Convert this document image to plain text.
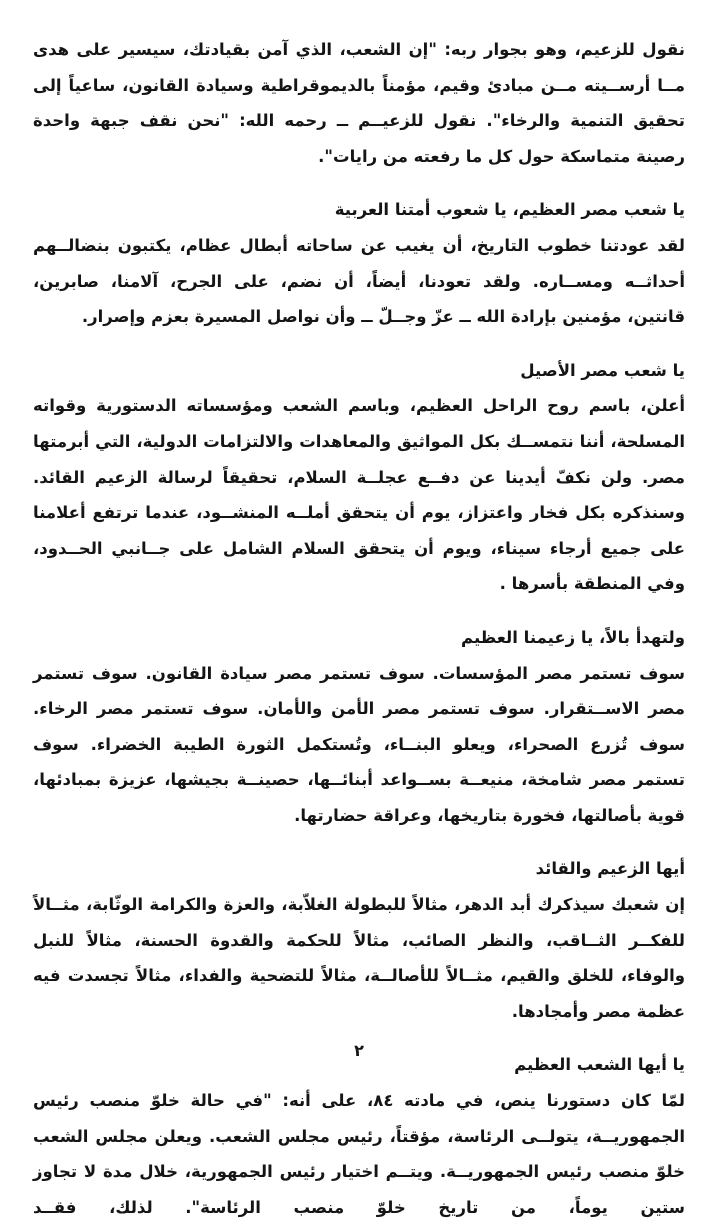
نقول للزعيم، وهو بجوار ربه: "إن الشعب، الذي آمن بقيادتك، سيسير على هدى مــا أرســيته مــن مبادئ وقيم، مؤمناً بالديموقراطية وسيادة القانون، ساعياً إلى تحقيق التنمية والرخاء". نقول للزعيــم ــ رحمه الله: "نحن نقف جبهة واحدة رصينة متماسكة حول كل ما رفعته من رايات".

يا شعب مصر العظيم، يا شعوب أمتنا العربية

لقد عودتنا خطوب التاريخ، أن يغيب عن ساحاته أبطال عظام، يكتبون بنضالــهم أحداثــه ومســاره. ولقد تعودنا، أيضاً، أن نضم، على الجرح، آلامنا، صابرين، قانتين، مؤمنين بإرادة الله ــ عزّ وجــلّ ــ وأن نواصل المسيرة بعزم وإصرار.

يا شعب مصر الأصيل

أعلن، باسم روح الراحل العظيم، وباسم الشعب ومؤسساته الدستورية وقواته المسلحة، أننا نتمســك بكل المواثيق والمعاهدات والالتزامات الدولية، التي أبرمتها مصر. ولن نكفّ أيدينا عن دفــع عجلــة السلام، تحقيقاً لرسالة الزعيم القائد. وسنذكره بكل فخار واعتزاز، يوم أن يتحقق أملــه المنشــود، عندما ترتفع أعلامنا على جميع أرجاء سيناء، ويوم أن يتحقق السلام الشامل على جــانبي الحــدود، وفي المنطقة بأسرها .

ولتهدأ بالاً، يا زعيمنا العظيم

سوف تستمر مصر المؤسسات. سوف تستمر مصر سيادة القانون. سوف تستمر مصر الاســتقرار. سوف تستمر مصر الأمن والأمان. سوف تستمر مصر الرخاء. سوف تُزرع الصحراء، ويعلو البنــاء، وتُستكمل الثورة الطيبة الخضراء. سوف تستمر مصر شامخة، منيعــة بســواعد أبنائــها، حصينــة بجيشها، عزيزة بمبادئها، قوية بأصالتها، فخورة بتاريخها، وعراقة حضارتها.

أيها الزعيم والقائد

إن شعبك سيذكرك أبد الدهر، مثالاً للبطولة الغلاّبة، والعزة والكرامة الوثّابة، مثــالاً للفكــر الثــاقب، والنظر الصائب، مثالاً للحكمة والقدوة الحسنة، مثالاً للنبل والوفاء، للخلق والقيم، مثــالاً للأصالــة، مثالاً للتضحية والفداء، مثالاً تجسدت فيه عظمة مصر وأمجادها.

يا أيها الشعب العظيم

لمّا كان دستورنا ينص، في مادته ٨٤، على أنه: "في حالة خلوّ منصب رئيس الجمهوريــة، يتولــى الرئاسة، مؤقتاً، رئيس مجلس الشعب. ويعلن مجلس الشعب خلوّ منصب رئيس الجمهوريــة. ويتــم اختيار رئيس الجمهورية، خلال مدة لا تجاوز ستين يوماً، من تاريخ خلوّ منصب الرئاسة". لذلك، فقــد

٢
